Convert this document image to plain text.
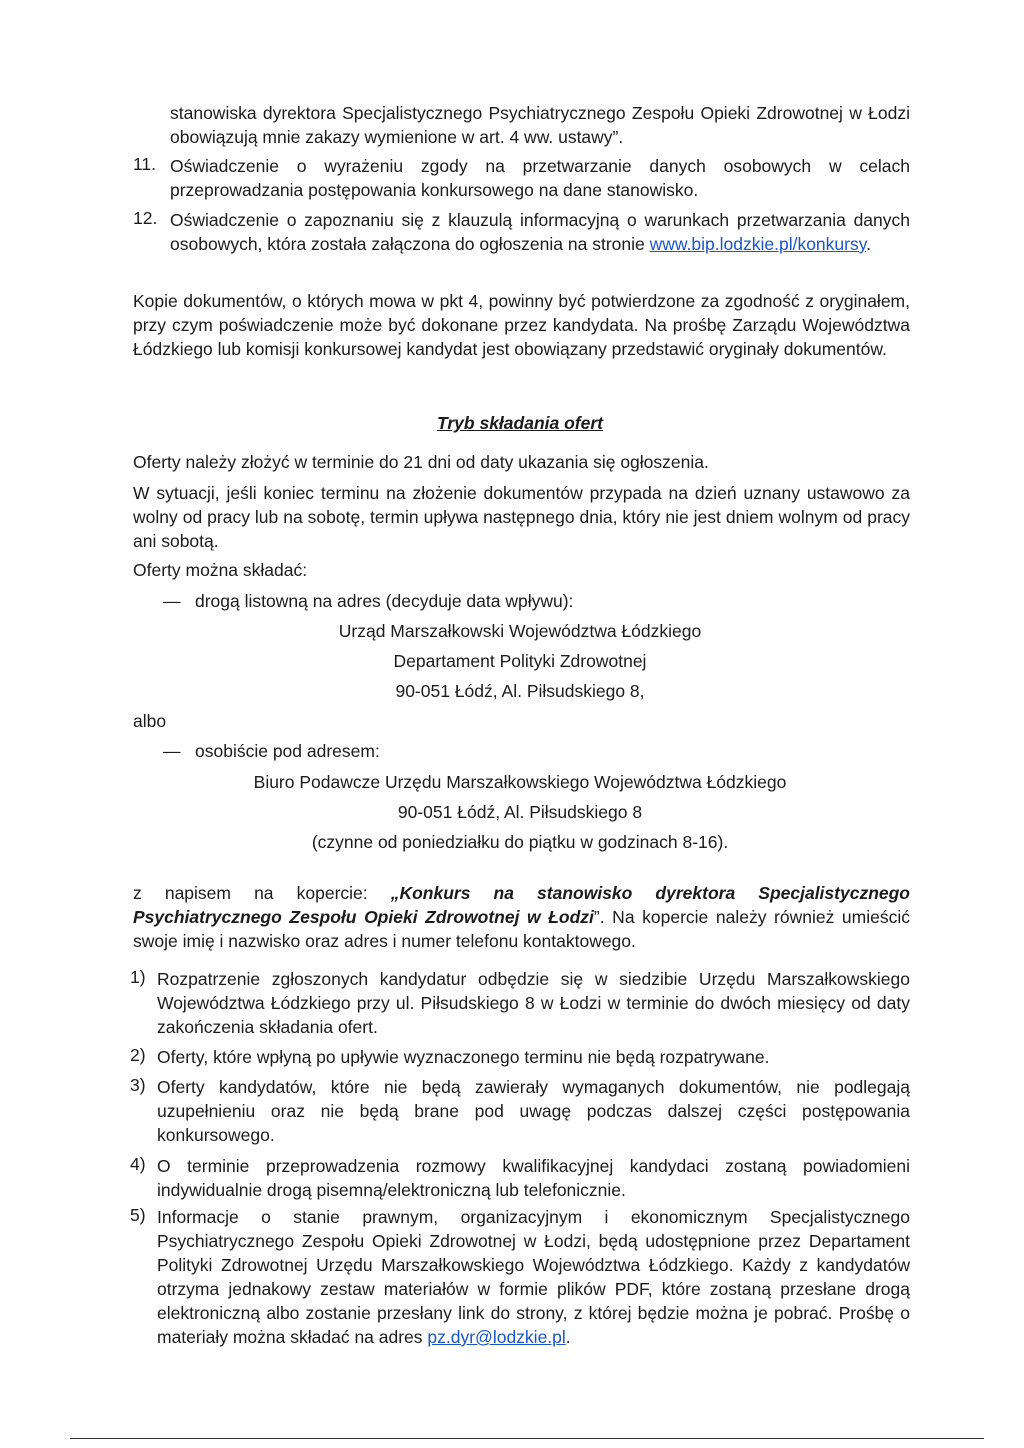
stanowiska dyrektora Specjalistycznego Psychiatrycznego Zespołu Opieki Zdrowotnej w Łodzi obowiązują mnie zakazy wymienione w art. 4 ww. ustawy”.
11. Oświadczenie o wyrażeniu zgody na przetwarzanie danych osobowych w celach przeprowadzania postępowania konkursowego na dane stanowisko.
12. Oświadczenie o zapoznaniu się z klauzulą informacyjną o warunkach przetwarzania danych osobowych, która została załączona do ogłoszenia na stronie www.bip.lodzkie.pl/konkursy.
Kopie dokumentów, o których mowa w pkt 4, powinny być potwierdzone za zgodność z oryginałem, przy czym poświadczenie może być dokonane przez kandydata. Na prośbę Zarządu Województwa Łódzkiego lub komisji konkursowej kandydat jest obowiązany przedstawić oryginały dokumentów.
Tryb składania ofert
Oferty należy złożyć w terminie do 21 dni od daty ukazania się ogłoszenia.
W sytuacji, jeśli koniec terminu na złożenie dokumentów przypada na dzień uznany ustawowo za wolny od pracy lub na sobotę, termin upływa następnego dnia, który nie jest dniem wolnym od pracy ani sobotą.
Oferty można składać:
— drogą listowną na adres (decyduje data wpływu):
Urząd Marszałkowski Województwa Łódzkiego
Departament Polityki Zdrowotnej
90-051 Łódź, Al. Piłsudskiego 8,
albo
— osobiście pod adresem:
Biuro Podawcze Urzędu Marszałkowskiego Województwa Łódzkiego
90-051 Łódź, Al. Piłsudskiego 8
(czynne od poniedziałku do piątku w godzinach 8-16).
z napisem na kopercie: „Konkurs na stanowisko dyrektora Specjalistycznego Psychiatrycznego Zespołu Opieki Zdrowotnej w Łodzi”. Na kopercie należy również umieścić swoje imię i nazwisko oraz adres i numer telefonu kontaktowego.
1) Rozpatrzenie zgłoszonych kandydatur odbędzie się w siedzibie Urzędu Marszałkowskiego Województwa Łódzkiego przy ul. Piłsudskiego 8 w Łodzi w terminie do dwóch miesięcy od daty zakończenia składania ofert.
2) Oferty, które wpłyną po upływie wyznaczonego terminu nie będą rozpatrywane.
3) Oferty kandydatów, które nie będą zawierały wymaganych dokumentów, nie podlegają uzupełnieniu oraz nie będą brane pod uwagę podczas dalszej części postępowania konkursowego.
4) O terminie przeprowadzenia rozmowy kwalifikacyjnej kandydaci zostaną powiadomieni indywidualnie drogą pisemną/elektroniczną lub telefonicznie.
5) Informacje o stanie prawnym, organizacyjnym i ekonomicznym Specjalistycznego Psychiatrycznego Zespołu Opieki Zdrowotnej w Łodzi, będą udostępnione przez Departament Polityki Zdrowotnej Urzędu Marszałkowskiego Województwa Łódzkiego. Każdy z kandydatów otrzyma jednakowy zestaw materiałów w formie plików PDF, które zostaną przesłane drogą elektroniczną albo zostanie przesłany link do strony, z której będzie można je pobrać. Prośbę o materiały można składać na adres pz.dyr@lodzkie.pl.
